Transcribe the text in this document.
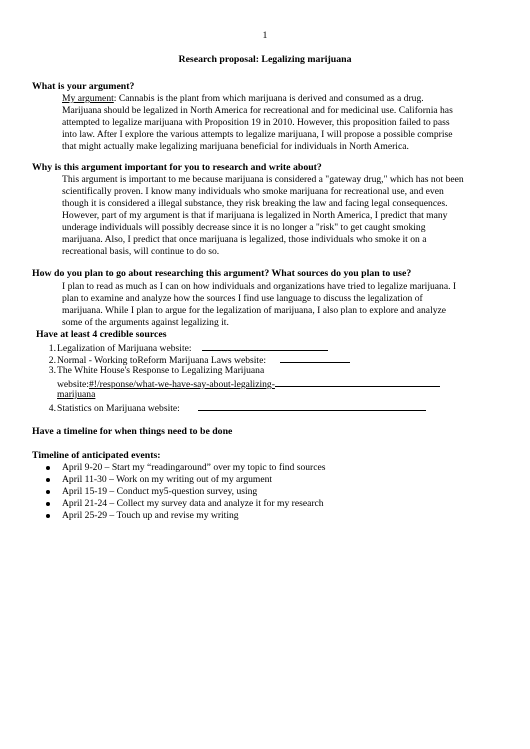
1
Research proposal: Legalizing marijuana
What is your argument?
My argument: Cannabis is the plant from which marijuana is derived and consumed as a drug.
Marijuana should be legalized in North America for recreational and for medicinal use. California has
attempted to legalize marijuana with Proposition 19 in 2010. However, this proposition failed to pass
into law. After I explore the various attempts to legalize marijuana, I will propose a possible comprise
that might actually make legalizing marijuana beneficial for individuals in North America.
Why is this argument important for you to research and write about?
This argument is important to me because marijuana is considered a "gateway drug," which has not been
scientifically proven. I know many individuals who smoke marijuana for recreational use, and even
though it is considered a illegal substance, they risk breaking the law and facing legal consequences.
However, part of my argument is that if marijuana is legalized in North America, I predict that many
underage individuals will possibly decrease since it is no longer a "risk" to get caught smoking
marijuana. Also, I predict that once marijuana is legalized, those individuals who smoke it on a
recreational basis, will continue to do so.
How do you plan to go about researching this argument? What sources do you plan to use?
I plan to read as much as I can on how individuals and organizations have tried to legalize marijuana. I
plan to examine and analyze how the sources I find use language to discuss the legalization of
marijuana. While I plan to argue for the legalization of marijuana, I also plan to explore and analyze
some of the arguments against legalizing it.
Have at least 4 credible sources
1.Legalization of Marijuana website:
2.Normal - Working toReform Marijuana Laws website:
3.The White House's Response to Legalizing Marijuana
website:#!/response/what-we-have-say-about-legalizing-
marijuana
4.Statistics on Marijuana website:
Have a timeline for when things need to be done
Timeline of anticipated events:
April 9-20 – Start my “readingaround” over my topic to find sources
April 11-30 – Work on my writing out of my argument
April 15-19 – Conduct my5-question survey, using
April 21-24 – Collect my survey data and analyze it for my research
April 25-29 – Touch up and revise my writing
